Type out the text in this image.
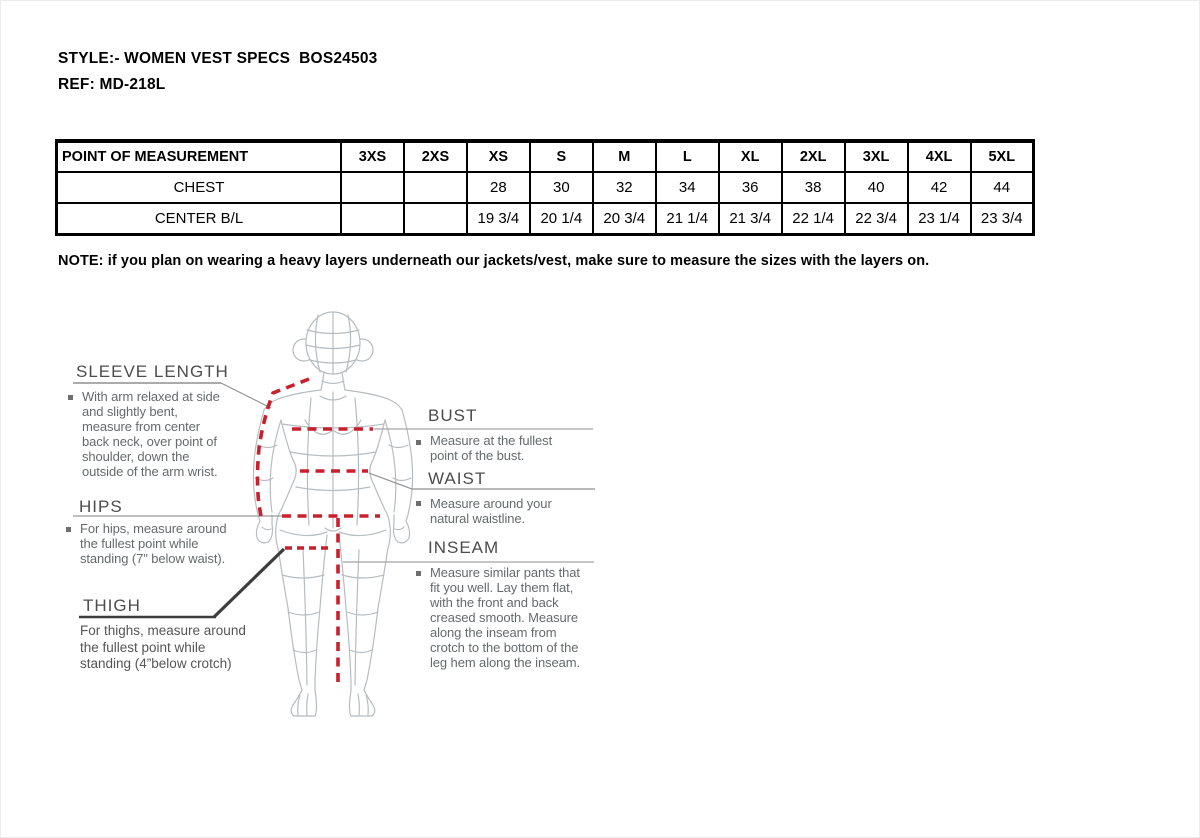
STYLE:- WOMEN VEST SPECS  BOS24503
REF: MD-218L
POINT OF MEASUREMENT	3XS	2XS	XS	S	M	L	XL	2XL	3XL	4XL	5XL
CHEST			28	30	32	34	36	38	40	42	44
CENTER B/L			19 3/4	20 1/4	20 3/4	21 1/4	21 3/4	22 1/4	22 3/4	23 1/4	23 3/4
NOTE: if you plan on wearing a heavy layers underneath our jackets/vest, make sure to measure the sizes with the layers on.
SLEEVE LENGTH
With arm relaxed at side and slightly bent, measure from center back neck, over point of shoulder, down the outside of the arm wrist.
HIPS
For hips, measure around the fullest point while standing (7" below waist).
THIGH
For thighs, measure around the fullest point while standing (4”below crotch)
BUST
Measure at the fullest point of the bust.
WAIST
Measure around your natural waistline.
INSEAM
Measure similar pants that fit you well. Lay them flat, with the front and back creased smooth. Measure along the inseam from crotch to the bottom of the leg hem along the inseam.
